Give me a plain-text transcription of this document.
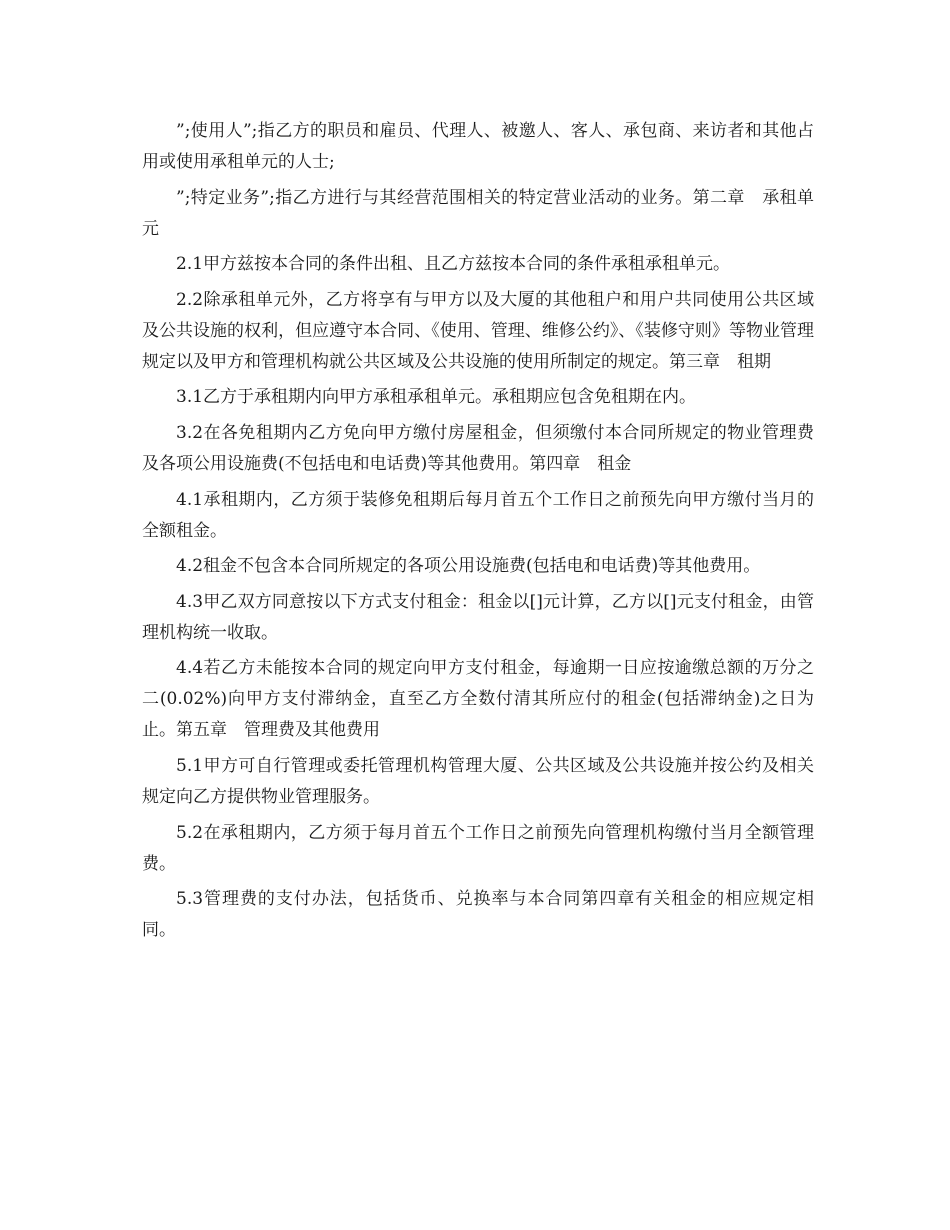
”;使用人”;指乙方的职员和雇员、代理人、被邀人、客人、承包商、来访者和其他占用或使用承租单元的人士;

”;特定业务”;指乙方进行与其经营范围相关的特定营业活动的业务。第二章　承租单元

2.1甲方兹按本合同的条件出租、且乙方兹按本合同的条件承租承租单元。

2.2除承租单元外，乙方将享有与甲方以及大厦的其他租户和用户共同使用公共区域及公共设施的权利，但应遵守本合同、《使用、管理、维修公约》、《装修守则》等物业管理规定以及甲方和管理机构就公共区域及公共设施的使用所制定的规定。第三章　租期

3.1乙方于承租期内向甲方承租承租单元。承租期应包含免租期在内。

3.2在各免租期内乙方免向甲方缴付房屋租金，但须缴付本合同所规定的物业管理费及各项公用设施费(不包括电和电话费)等其他费用。第四章　租金

4.1承租期内，乙方须于装修免租期后每月首五个工作日之前预先向甲方缴付当月的全额租金。

4.2租金不包含本合同所规定的各项公用设施费(包括电和电话费)等其他费用。

4.3甲乙双方同意按以下方式支付租金：租金以[]元计算，乙方以[]元支付租金，由管理机构统一收取。

4.4若乙方未能按本合同的规定向甲方支付租金，每逾期一日应按逾缴总额的万分之二(0.02%)向甲方支付滞纳金，直至乙方全数付清其所应付的租金(包括滞纳金)之日为止。第五章　管理费及其他费用

5.1甲方可自行管理或委托管理机构管理大厦、公共区域及公共设施并按公约及相关规定向乙方提供物业管理服务。

5.2在承租期内，乙方须于每月首五个工作日之前预先向管理机构缴付当月全额管理费。

5.3管理费的支付办法，包括货币、兑换率与本合同第四章有关租金的相应规定相同。
